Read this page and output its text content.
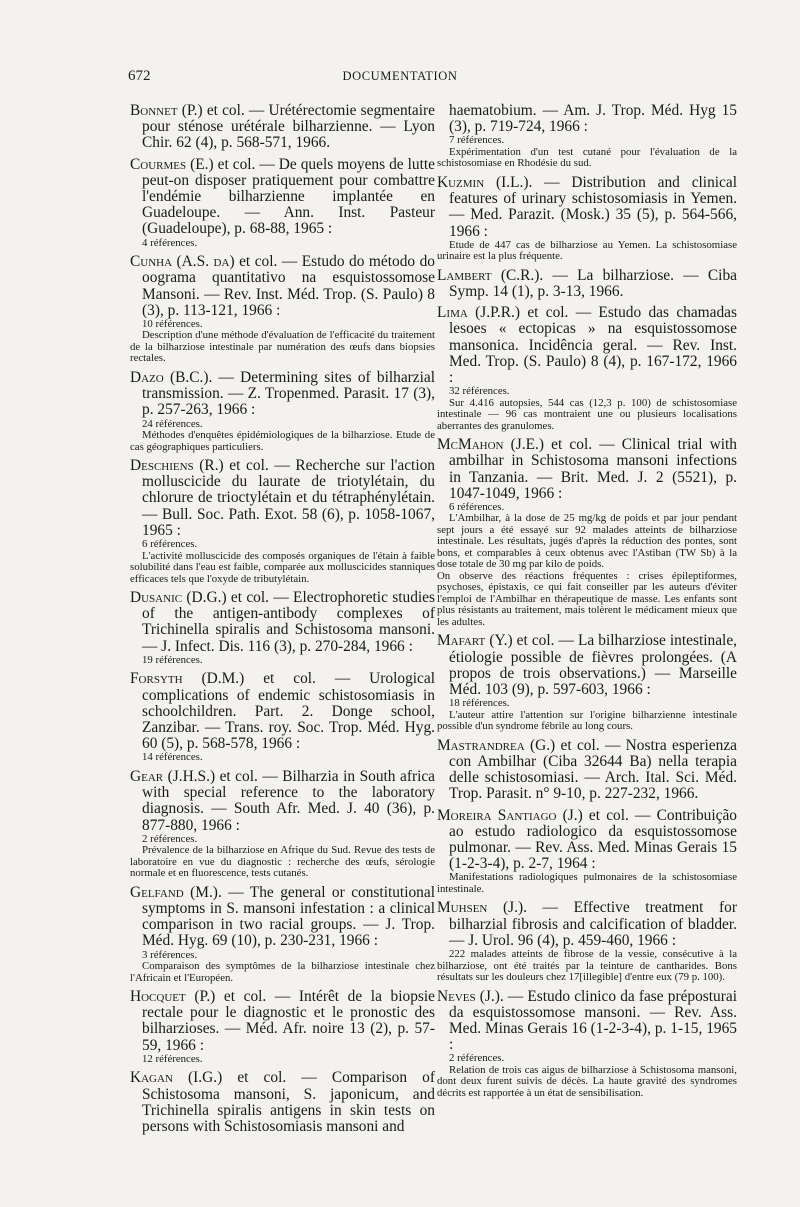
672	DOCUMENTATION
Bonnet (P.) et col. — Urétérectomie segmentaire pour sténose urétérale bilharzienne. — Lyon Chir. 62 (4), p. 568-571, 1966.
Courmes (E.) et col. — De quels moyens de lutte peut-on disposer pratiquement pour combattre l'endémie bilharzienne implantée en Guadeloupe. — Ann. Inst. Pasteur (Guadeloupe), p. 68-88, 1965 :
4 références.
Cunha (A.S. da) et col. — Estudo do método do oograma quantitativo na esquistossomose Mansoni. — Rev. Inst. Méd. Trop. (S. Paulo) 8 (3), p. 113-121, 1966 :
10 références.
Description d'une méthode d'évaluation de l'efficacité du traitement de la bilharziose intestinale par numération des œufs dans biopsies rectales.
Dazo (B.C.). — Determining sites of bilharzial transmission. — Z. Tropenmed. Parasit. 17 (3), p. 257-263, 1966 :
24 références.
Méthodes d'enquêtes épidémiologiques de la bilharziose. Etude de cas géographiques particuliers.
Deschiens (R.) et col. — Recherche sur l'action molluscicide du laurate de triotylétain, du chlorure de trioctylétain et du tétraphénylétain. — Bull. Soc. Path. Exot. 58 (6), p. 1058-1067, 1965 :
6 références.
L'activité molluscicide des composés organiques de l'étain à faible solubilité dans l'eau est faible, comparée aux molluscicides stanniques efficaces tels que l'oxyde de tributylétain.
Dusanic (D.G.) et col. — Electrophoretic studies of the antigen-antibody complexes of Trichinella spiralis and Schistosoma mansoni. — J. Infect. Dis. 116 (3), p. 270-284, 1966 :
19 références.
Forsyth (D.M.) et col. — Urological complications of endemic schistosomiasis in schoolchildren. Part. 2. Donge school, Zanzibar. — Trans. roy. Soc. Trop. Méd. Hyg. 60 (5), p. 568-578, 1966 :
14 références.
Gear (J.H.S.) et col. — Bilharzia in South africa with special reference to the laboratory diagnosis. — South Afr. Med. J. 40 (36), p. 877-880, 1966 :
2 références.
Prévalence de la bilharziose en Afrique du Sud. Revue des tests de laboratoire en vue du diagnostic : recherche des œufs, sérologie normale et en fluorescence, tests cutanés.
Gelfand (M.). — The general or constitutional symptoms in S. mansoni infestation : a clinical comparison in two racial groups. — J. Trop. Méd. Hyg. 69 (10), p. 230-231, 1966 :
3 références.
Comparaison des symptômes de la bilharziose intestinale chez l'Africain et l'Européen.
Hocquet (P.) et col. — Intérêt de la biopsie rectale pour le diagnostic et le pronostic des bilharzioses. — Méd. Afr. noire 13 (2), p. 57-59, 1966 :
12 références.
Kagan (I.G.) et col. — Comparison of Schistosoma mansoni, S. japonicum, and Trichinella spiralis antigens in skin tests on persons with Schistosomiasis mansoni and
haematobium. — Am. J. Trop. Méd. Hyg 15 (3), p. 719-724, 1966 :
7 références.
Expérimentation d'un test cutané pour l'évaluation de la schistosomiase en Rhodésie du sud.
Kuzmin (I.L.). — Distribution and clinical features of urinary schistosomiasis in Yemen. — Med. Parazit. (Mosk.) 35 (5), p. 564-566, 1966 :
Etude de 447 cas de bilharziose au Yemen. La schistosomiase urinaire est la plus fréquente.
Lambert (C.R.). — La bilharziose. — Ciba Symp. 14 (1), p. 3-13, 1966.
Lima (J.P.R.) et col. — Estudo das chamadas lesoes « ectopicas » na esquistossomose mansonica. Incidência geral. — Rev. Inst. Med. Trop. (S. Paulo) 8 (4), p. 167-172, 1966 :
32 références.
Sur 4.416 autopsies, 544 cas (12,3 p. 100) de schistosomiase intestinale — 96 cas montraient une ou plusieurs localisations aberrantes des granulomes.
McMahon (J.E.) et col. — Clinical trial with ambilhar in Schistosoma mansoni infections in Tanzania. — Brit. Med. J. 2 (5521), p. 1047-1049, 1966 :
6 références.
L'Ambilhar, à la dose de 25 mg/kg de poids et par jour pendant sept jours a été essayé sur 92 malades atteints de bilharziose intestinale. Les résultats, jugés d'après la réduction des pontes, sont bons, et comparables à ceux obtenus avec l'Astiban (TW Sb) à la dose totale de 30 mg par kilo de poids.
On observe des réactions fréquentes : crises épileptiformes, psychoses, épistaxis, ce qui fait conseiller par les auteurs d'éviter l'emploi de l'Ambilhar en thérapeutique de masse. Les enfants sont plus résistants au traitement, mais tolèrent le médicament mieux que les adultes.
Mafart (Y.) et col. — La bilharziose intestinale, étiologie possible de fièvres prolongées. (A propos de trois observations.) — Marseille Méd. 103 (9), p. 597-603, 1966 :
18 références.
L'auteur attire l'attention sur l'origine bilharzienne intestinale possible d'un syndrome fébrile au long cours.
Mastrandrea (G.) et col. — Nostra esperienza con Ambilhar (Ciba 32644 Ba) nella terapia delle schistosomiasi. — Arch. Ital. Sci. Méd. Trop. Parasit. n° 9-10, p. 227-232, 1966.
Moreira Santiago (J.) et col. — Contribuição ao estudo radiologico da esquistossomose pulmonar. — Rev. Ass. Med. Minas Gerais 15 (1-2-3-4), p. 2-7, 1964 :
Manifestations radiologiques pulmonaires de la schistosomiase intestinale.
Muhsen (J.). — Effective treatment for bilharzial fibrosis and calcification of bladder. — J. Urol. 96 (4), p. 459-460, 1966 :
222 malades atteints de fibrose de la vessie, consécutive à la bilharziose, ont été traités par la teinture de cantharides. Bons résultats sur les douleurs chez 17[illegible] d'entre eux (79 p. 100).
Neves (J.). — Estudo clinico da fase préposturai da esquistossomose mansoni. — Rev. Ass. Med. Minas Gerais 16 (1-2-3-4), p. 1-15, 1965 :
2 références.
Relation de trois cas aigus de bilharziose à Schistosoma mansoni, dont deux furent suivis de décès. La haute gravité des syndromes décrits est rapportée à un état de sensibilisation.
